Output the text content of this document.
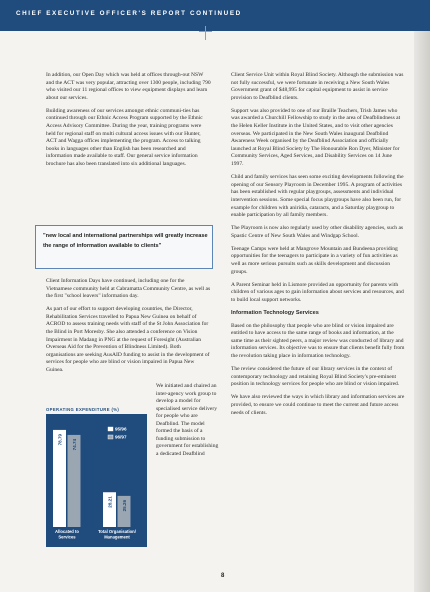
CHIEF EXECUTIVE OFFICER'S REPORT CONTINUED

In addition, our Open Day which was held at offices through-out NSW and the ACT was very popular, attracting over 1300 people, including 790 who visited our 11 regional offices to view equipment displays and learn about our services.

Building awareness of our services amongst ethnic communi-ties has continued through our Ethnic Access Program supported by the Ethnic Access Advisory Committee. During the year, training programs were held for regional staff on multi cultural access issues with our Hunter, ACT and Wagga offices implementing the program. Access to talking books in languages other than English has been researched and information made available to staff. Our general service information brochure has also been translated into six additional languages.

"new local and international partnerships will greatly increase the range of information available to clients"

Client Information Days have continued, including one for the Vietnamese community held at Cabramatta Community Centre, as well as the first "school leavers" information day.

As part of our effort to support developing countries, the Director, Rehabilitation Services travelled to Papua New Guinea on behalf of ACROD to assess training needs with staff of the St John Association for the Blind in Port Moresby. She also attended a conference on Vision Impairment in Madang in PNG at the request of Foresight (Australian Overseas Aid for the Prevention of Blindness Limited). Both organisations are seeking AusAID funding to assist in the development of services for people who are blind or vision impaired in Papua New Guinea.

OPERATING EXPENDITURE (%)
78.79 74.74
Allocated to
Services
28.21 25.26
Total Organisation/
Management
95/96
96/97
We initiated and chaired an inter-agency work group to develop a model for specialised service delivery for people who are Deafblind. The model formed the basis of a funding submission to government for establishing a dedicated Deafblind

Client Service Unit within Royal Blind Society. Although the submission was not fully successful, we were fortunate in receiving a New South Wales Government grant of $48,995 for capital equipment to assist in service provision to Deafblind clients.

Support was also provided to one of our Braille Teachers, Trish James who was awarded a Churchill Fellowship to study in the area of Deafblindness at the Helen Keller Institute in the United States, and to visit other agencies overseas. We participated in the New South Wales inaugural Deafblind Awareness Week organised by the Deafblind Association and officially launched at Royal Blind Society by The Honourable Ron Dyer, Minister for Community Services, Aged Services, and Disability Services on 14 June 1997.

Child and family services has seen some exciting developments following the opening of our Sensory Playroom in December 1995. A program of activities has been established with regular playgroups, assessments and individual intervention sessions. Some special focus playgroups have also been run, for example for children with aniridia, cataracts, and a Saturday playgroup to enable participation by all family members.

The Playroom is now also regularly used by other disability agencies, such as Spastic Centre of New South Wales and Windgap School.

Teenage Camps were held at Mangrove Mountain and Bundeena providing opportunities for the teenagers to participate in a variety of fun activities as well as more serious pursuits such as skills development and discussion groups.

A Parent Seminar held in Lismore provided an opportunity for parents with children of various ages to gain information about services and resources, and to build local support networks.

Information Technology Services

Based on the philosophy that people who are blind or vision impaired are entitled to have access to the same range of books and information, at the same time as their sighted peers, a major review was conducted of library and information services. Its objective was to ensure that clients benefit fully from the revolution taking place in information technology.

The review considered the future of our library services in the context of contemporary technology and retaining Royal Blind Society's pre-eminent position in technology services for people who are blind or vision impaired.

We have also reviewed the ways in which library and information services are provided, to ensure we could continue to meet the current and future access needs of clients.

8
